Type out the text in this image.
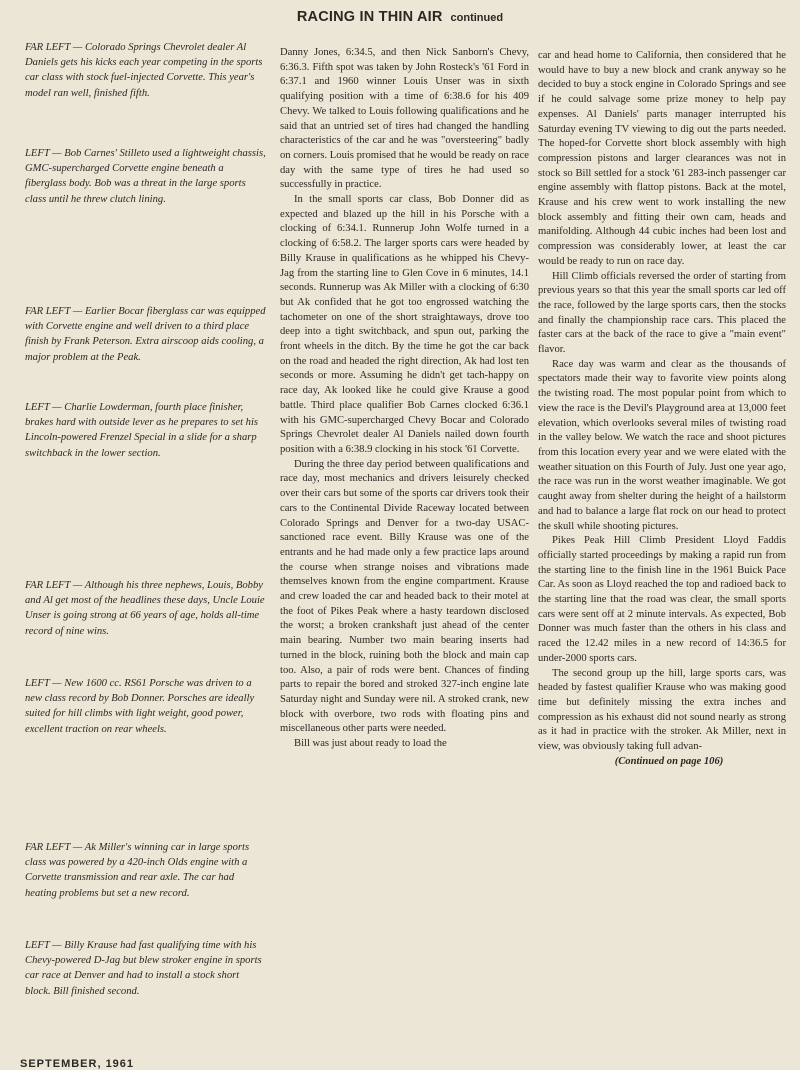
RACING IN THIN AIR continued

FAR LEFT — Colorado Springs Chevrolet dealer Al Daniels gets his kicks each year competing in the sports car class with stock fuel-injected Corvette. This year's model ran well, finished fifth.

LEFT — Bob Carnes' Stilleto used a lightweight chassis, GMC-supercharged Corvette engine beneath a fiberglass body. Bob was a threat in the large sports class until he threw clutch lining.

FAR LEFT — Earlier Bocar fiberglass car was equipped with Corvette engine and well driven to a third place finish by Frank Peterson. Extra airscoop aids cooling, a major problem at the Peak.

LEFT — Charlie Lowderman, fourth place finisher, brakes hard with outside lever as he prepares to set his Lincoln-powered Frenzel Special in a slide for a sharp switchback in the lower section.

FAR LEFT — Although his three nephews, Louis, Bobby and Al get most of the headlines these days, Uncle Louie Unser is going strong at 66 years of age, holds all-time record of nine wins.

LEFT — New 1600 cc. RS61 Porsche was driven to a new class record by Bob Donner. Porsches are ideally suited for hill climbs with light weight, good power, excellent traction on rear wheels.

FAR LEFT — Ak Miller's winning car in large sports class was powered by a 420-inch Olds engine with a Corvette transmission and rear axle. The car had heating problems but set a new record.

LEFT — Billy Krause had fast qualifying time with his Chevy-powered D-Jag but blew stroker engine in sports car race at Denver and had to install a stock short block. Bill finished second.

Danny Jones, 6:34.5, and then Nick Sanborn's Chevy, 6:36.3. Fifth spot was taken by John Rosteck's '61 Ford in 6:37.1 and 1960 winner Louis Unser was in sixth qualifying position with a time of 6:38.6 for his 409 Chevy. We talked to Louis following qualifications and he said that an untried set of tires had changed the handling characteristics of the car and he was "oversteering" badly on corners. Louis promised that he would be ready on race day with the same type of tires he had used so successfully in practice.

In the small sports car class, Bob Donner did as expected and blazed up the hill in his Porsche with a clocking of 6:34.1. Runnerup John Wolfe turned in a clocking of 6:58.2. The larger sports cars were headed by Billy Krause in qualifications as he whipped his Chevy-Jag from the starting line to Glen Cove in 6 minutes, 14.1 seconds. Runnerup was Ak Miller with a clocking of 6:30 but Ak confided that he got too engrossed watching the tachometer on one of the short straightaways, drove too deep into a tight switchback, and spun out, parking the front wheels in the ditch. By the time he got the car back on the road and headed the right direction, Ak had lost ten seconds or more. Assuming he didn't get tach-happy on race day, Ak looked like he could give Krause a good battle. Third place qualifier Bob Carnes clocked 6:36.1 with his GMC-supercharged Chevy Bocar and Colorado Springs Chevrolet dealer Al Daniels nailed down fourth position with a 6:38.9 clocking in his stock '61 Corvette.

During the three day period between qualifications and race day, most mechanics and drivers leisurely checked over their cars but some of the sports car drivers took their cars to the Continental Divide Raceway located between Colorado Springs and Denver for a two-day USAC-sanctioned race event. Billy Krause was one of the entrants and he had made only a few practice laps around the course when strange noises and vibrations made themselves known from the engine compartment. Krause and crew loaded the car and headed back to their motel at the foot of Pikes Peak where a hasty teardown disclosed the worst; a broken crankshaft just ahead of the center main bearing. Number two main bearing inserts had turned in the block, ruining both the block and main cap too. Also, a pair of rods were bent. Chances of finding parts to repair the bored and stroked 327-inch engine late Saturday night and Sunday were nil. A stroked crank, new block with overbore, two rods with floating pins and miscellaneous other parts were needed.

Bill was just about ready to load the

car and head home to California, then considered that he would have to buy a new block and crank anyway so he decided to buy a stock engine in Colorado Springs and see if he could salvage some prize money to help pay expenses. Al Daniels' parts manager interrupted his Saturday evening TV viewing to dig out the parts needed. The hoped-for Corvette short block assembly with high compression pistons and larger clearances was not in stock so Bill settled for a stock '61 283-inch passenger car engine assembly with flattop pistons. Back at the motel, Krause and his crew went to work installing the new block assembly and fitting their own cam, heads and manifolding. Although 44 cubic inches had been lost and compression was considerably lower, at least the car would be ready to run on race day.

Hill Climb officials reversed the order of starting from previous years so that this year the small sports car led off the race, followed by the large sports cars, then the stocks and finally the championship race cars. This placed the faster cars at the back of the race to give a "main event" flavor.

Race day was warm and clear as the thousands of spectators made their way to favorite view points along the twisting road. The most popular point from which to view the race is the Devil's Playground area at 13,000 feet elevation, which overlooks several miles of twisting road in the valley below. We watch the race and shoot pictures from this location every year and we were elated with the weather situation on this Fourth of July. Just one year ago, the race was run in the worst weather imaginable. We got caught away from shelter during the height of a hailstorm and had to balance a large flat rock on our head to protect the skull while shooting pictures.

Pikes Peak Hill Climb President Lloyd Faddis officially started proceedings by making a rapid run from the starting line to the finish line in the 1961 Buick Pace Car. As soon as Lloyd reached the top and radioed back to the starting line that the road was clear, the small sports cars were sent off at 2 minute intervals. As expected, Bob Donner was much faster than the others in his class and raced the 12.42 miles in a new record of 14:36.5 for under-2000 sports cars.

The second group up the hill, large sports cars, was headed by fastest qualifier Krause who was making good time but definitely missing the extra inches and compression as his exhaust did not sound nearly as strong as it had in practice with the stroker. Ak Miller, next in view, was obviously taking full advan-

(Continued on page 106)

SEPTEMBER, 1961
